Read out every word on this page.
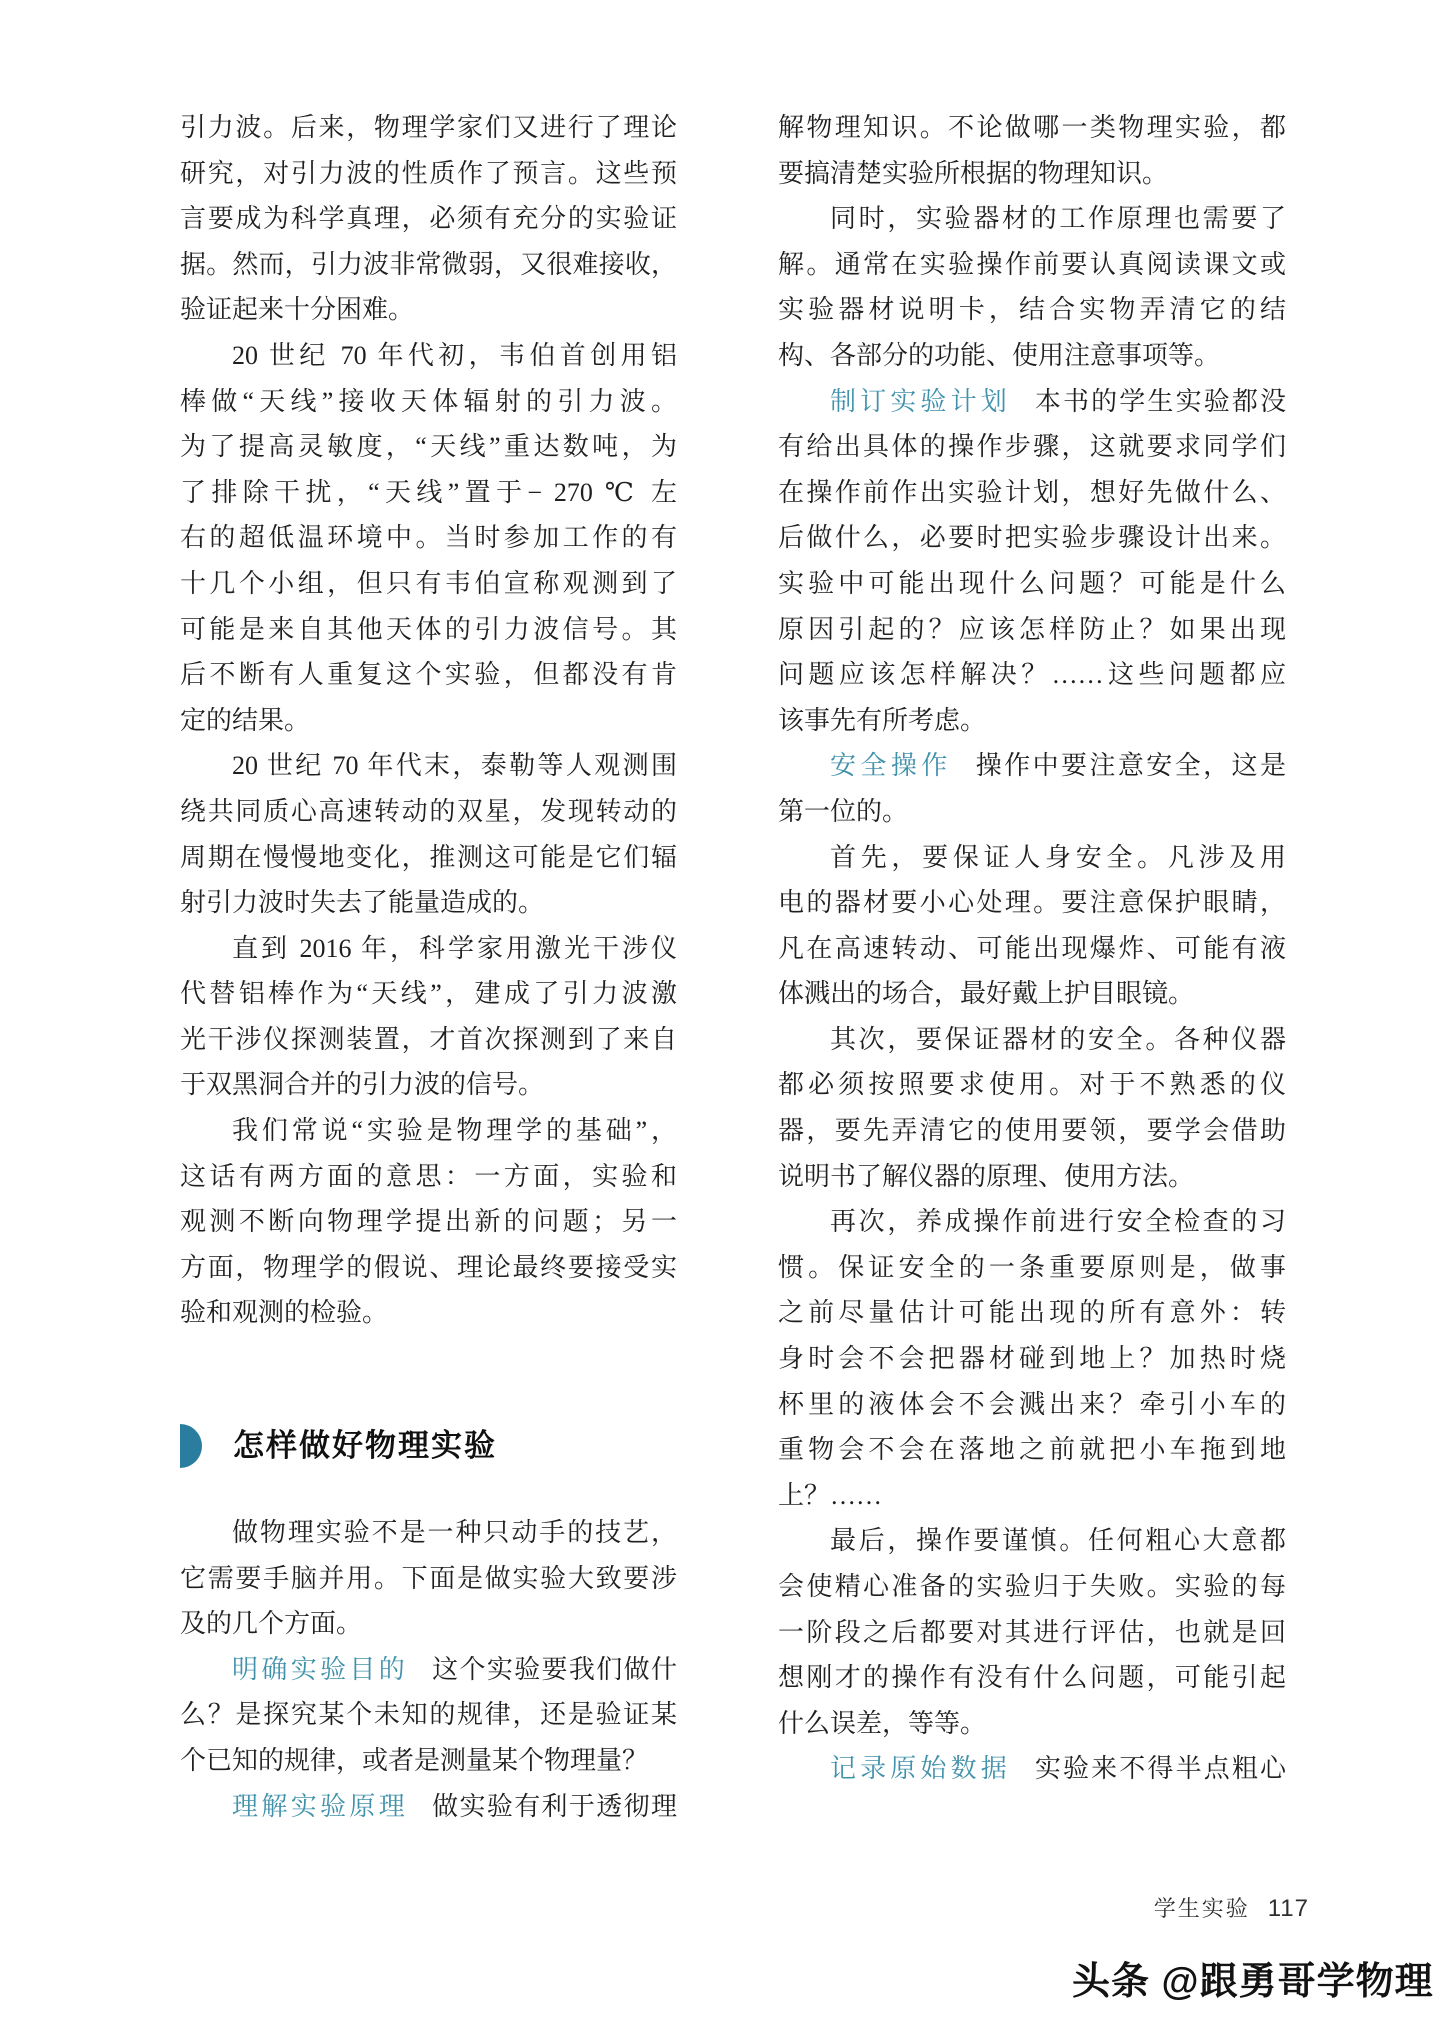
引力波。后来，物理学家们又进行了理论
研究，对引力波的性质作了预言。这些预
言要成为科学真理，必须有充分的实验证
据。然而，引力波非常微弱，又很难接收，
验证起来十分困难。
20 世纪 70 年代初，韦伯首创用铝
棒做“天线”接收天体辐射的引力波。
为了提高灵敏度，“天线”重达数吨，为
了排除干扰，“天线”置于− 270 ℃ 左
右的超低温环境中。当时参加工作的有
十几个小组，但只有韦伯宣称观测到了
可能是来自其他天体的引力波信号。其
后不断有人重复这个实验，但都没有肯
定的结果。
20 世纪 70 年代末，泰勒等人观测围
绕共同质心高速转动的双星，发现转动的
周期在慢慢地变化，推测这可能是它们辐
射引力波时失去了能量造成的。
直到 2016 年，科学家用激光干涉仪
代替铝棒作为“天线”，建成了引力波激
光干涉仪探测装置，才首次探测到了来自
于双黑洞合并的引力波的信号。
我们常说“实验是物理学的基础”，
这话有两方面的意思：一方面，实验和
观测不断向物理学提出新的问题；另一
方面，物理学的假说、理论最终要接受实
验和观测的检验。
怎样做好物理实验
做物理实验不是一种只动手的技艺，
它需要手脑并用。下面是做实验大致要涉
及的几个方面。
明确实验目的 这个实验要我们做什
么？是探究某个未知的规律，还是验证某
个已知的规律，或者是测量某个物理量？
理解实验原理 做实验有利于透彻理
解物理知识。不论做哪一类物理实验，都
要搞清楚实验所根据的物理知识。
同时，实验器材的工作原理也需要了
解。通常在实验操作前要认真阅读课文或
实验器材说明卡，结合实物弄清它的结
构、各部分的功能、使用注意事项等。
制订实验计划 本书的学生实验都没
有给出具体的操作步骤，这就要求同学们
在操作前作出实验计划，想好先做什么、
后做什么，必要时把实验步骤设计出来。
实验中可能出现什么问题？可能是什么
原因引起的？应该怎样防止？如果出现
问题应该怎样解决？……这些问题都应
该事先有所考虑。
安全操作 操作中要注意安全，这是
第一位的。
首先，要保证人身安全。凡涉及用
电的器材要小心处理。要注意保护眼睛，
凡在高速转动、可能出现爆炸、可能有液
体溅出的场合，最好戴上护目眼镜。
其次，要保证器材的安全。各种仪器
都必须按照要求使用。对于不熟悉的仪
器，要先弄清它的使用要领，要学会借助
说明书了解仪器的原理、使用方法。
再次，养成操作前进行安全检查的习
惯。保证安全的一条重要原则是，做事
之前尽量估计可能出现的所有意外：转
身时会不会把器材碰到地上？加热时烧
杯里的液体会不会溅出来？牵引小车的
重物会不会在落地之前就把小车拖到地
上？……
最后，操作要谨慎。任何粗心大意都
会使精心准备的实验归于失败。实验的每
一阶段之后都要对其进行评估，也就是回
想刚才的操作有没有什么问题，可能引起
什么误差，等等。
记录原始数据 实验来不得半点粗心
学生实验 117
头条 @跟勇哥学物理
